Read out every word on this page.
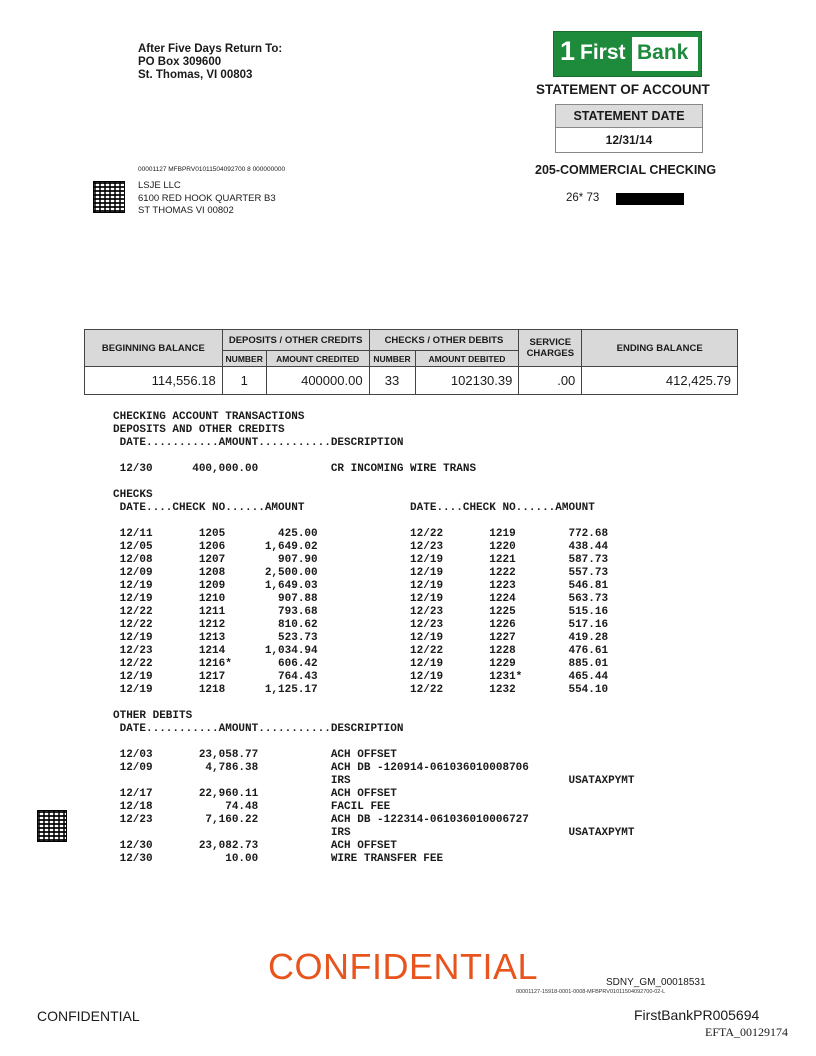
After Five Days Return To:
PO Box 309600
St. Thomas, VI 00803
1 First Bank
STATEMENT OF ACCOUNT
STATEMENT DATE
12/31/14
205-COMMERCIAL CHECKING
26* 73
00001127 MFBPRV01011504092700 8 000000000
LSJE LLC
6100 RED HOOK QUARTER B3
ST THOMAS VI 00802
BEGINNING BALANCE	DEPOSITS / OTHER CREDITS		CHECKS / OTHER DEBITS		SERVICE CHARGES	ENDING BALANCE
	NUMBER	AMOUNT CREDITED	NUMBER	AMOUNT DEBITED		
114,556.18	1	400000.00	33	102130.39	.00	412,425.79
CHECKING ACCOUNT TRANSACTIONS
DEPOSITS AND OTHER CREDITS
DATE...........AMOUNT...........DESCRIPTION
12/30      400,000.00           CR INCOMING WIRE TRANS
CHECKS
DATE....CHECK NO......AMOUNT                DATE....CHECK NO......AMOUNT
12/11       1205        425.00              12/22       1219        772.68
12/05       1206      1,649.02              12/23       1220        438.44
12/08       1207        907.90              12/19       1221        587.73
12/09       1208      2,500.00              12/19       1222        557.73
12/19       1209      1,649.03              12/19       1223        546.81
12/19       1210        907.88              12/19       1224        563.73
12/22       1211        793.68              12/23       1225        515.16
12/22       1212        810.62              12/23       1226        517.16
12/19       1213        523.73              12/19       1227        419.28
12/23       1214      1,034.94              12/22       1228        476.61
12/22       1216*       606.42              12/19       1229        885.01
12/19       1217        764.43              12/19       1231*       465.44
12/19       1218      1,125.17              12/22       1232        554.10
OTHER DEBITS
DATE...........AMOUNT...........DESCRIPTION
12/03       23,058.77           ACH OFFSET
12/09        4,786.38           ACH DB -120914-061036010008706
IRS                                 USATAXPYMT
12/17       22,960.11           ACH OFFSET
12/18           74.48           FACIL FEE
12/23        7,160.22           ACH DB -122314-061036010006727
IRS                                 USATAXPYMT
12/30       23,082.73           ACH OFFSET
12/30           10.00           WIRE TRANSFER FEE
CONFIDENTIAL	SDNY_GM_00018531
00001127-15918-0001-0008-MFBPRV01011504092700-02-L
CONFIDENTIAL	FirstBankPR005694
EFTA_00129174
